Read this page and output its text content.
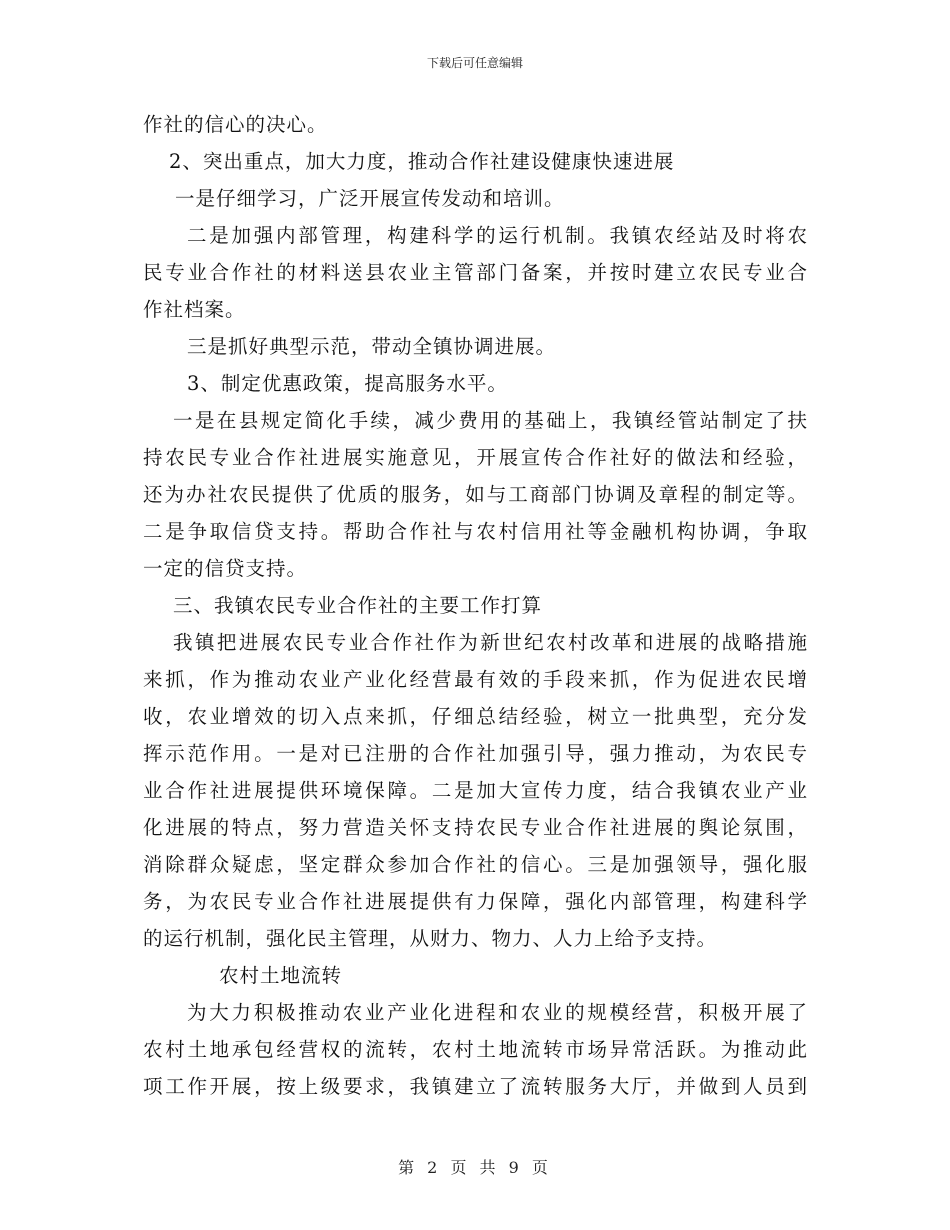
下载后可任意编辑
作社的信心的决心。
2、突出重点，加大力度，推动合作社建设健康快速进展
一是仔细学习，广泛开展宣传发动和培训。
二是加强内部管理，构建科学的运行机制。我镇农经站及时将农
民专业合作社的材料送县农业主管部门备案，并按时建立农民专业合
作社档案。
三是抓好典型示范，带动全镇协调进展。
3、制定优惠政策，提高服务水平。
一是在县规定简化手续，减少费用的基础上，我镇经管站制定了扶
持农民专业合作社进展实施意见，开展宣传合作社好的做法和经验，
还为办社农民提供了优质的服务，如与工商部门协调及章程的制定等。
二是争取信贷支持。帮助合作社与农村信用社等金融机构协调，争取
一定的信贷支持。
三、我镇农民专业合作社的主要工作打算
我镇把进展农民专业合作社作为新世纪农村改革和进展的战略措施
来抓，作为推动农业产业化经营最有效的手段来抓，作为促进农民增
收，农业增效的切入点来抓，仔细总结经验，树立一批典型，充分发
挥示范作用。一是对已注册的合作社加强引导，强力推动，为农民专
业合作社进展提供环境保障。二是加大宣传力度，结合我镇农业产业
化进展的特点，努力营造关怀支持农民专业合作社进展的舆论氛围，
消除群众疑虑，坚定群众参加合作社的信心。三是加强领导，强化服
务，为农民专业合作社进展提供有力保障，强化内部管理，构建科学
的运行机制，强化民主管理，从财力、物力、人力上给予支持。
农村土地流转
为大力积极推动农业产业化进程和农业的规模经营，积极开展了
农村土地承包经营权的流转，农村土地流转市场异常活跃。为推动此
项工作开展，按上级要求，我镇建立了流转服务大厅，并做到人员到
第 2 页 共 9 页
